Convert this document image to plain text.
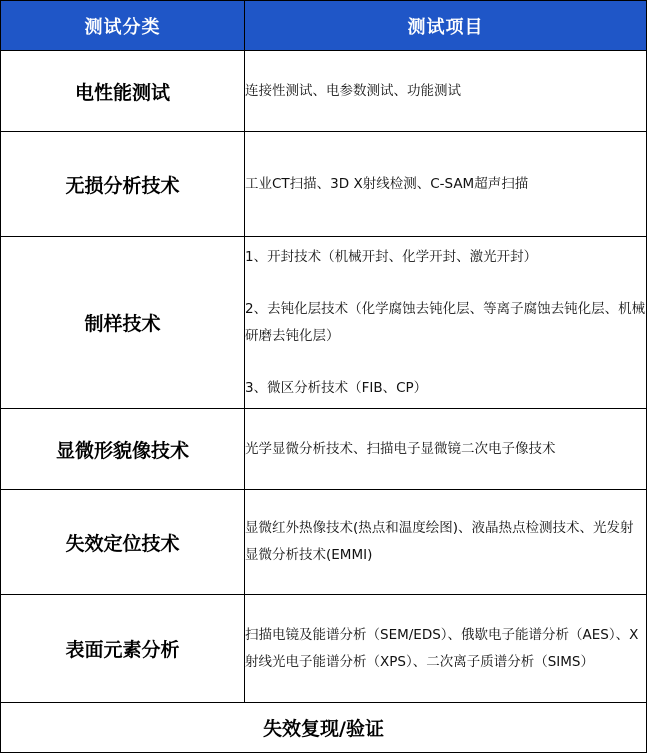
测试分类	测试项目
电性能测试	连接性测试、电参数测试、功能测试

无损分析技术	工业CT扫描、3D X射线检测、C-SAM超声扫描

制样技术	1、开封技术（机械开封、化学开封、激光开封）
2、去钝化层技术（化学腐蚀去钝化层、等离子腐蚀去钝化层、机械研磨去钝化层）
3、微区分析技术（FIB、CP）

显微形貌像技术	光学显微分析技术、扫描电子显微镜二次电子像技术

失效定位技术	显微红外热像技术(热点和温度绘图)、液晶热点检测技术、光发射显微分析技术(EMMI)

表面元素分析	扫描电镜及能谱分析（SEM/EDS）、俄歇电子能谱分析（AES）、X射线光电子能谱分析（XPS）、二次离子质谱分析（SIMS）

失效复现/验证	
